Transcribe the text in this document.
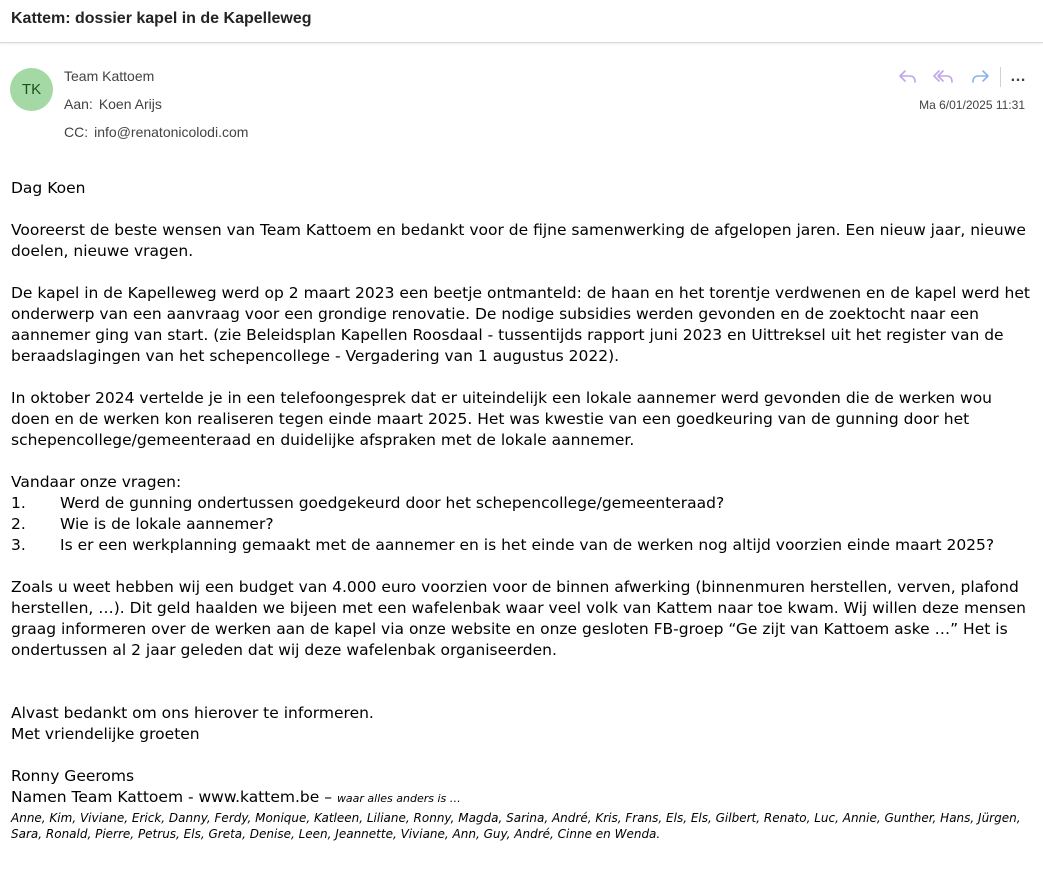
Kattem: dossier kapel in de Kapelleweg
TK
Team Kattoem
Aan: Koen Arijs
CC: info@renatonicolodi.com
…
Ma 6/01/2025 11:31

Dag Koen

Vooreerst de beste wensen van Team Kattoem en bedankt voor de fijne samenwerking de afgelopen jaren. Een nieuw jaar, nieuwe doelen, nieuwe vragen.

De kapel in de Kapelleweg werd op 2 maart 2023 een beetje ontmanteld: de haan en het torentje verdwenen en de kapel werd het onderwerp van een aanvraag voor een grondige renovatie. De nodige subsidies werden gevonden en de zoektocht naar een aannemer ging van start. (zie Beleidsplan Kapellen Roosdaal - tussentijds rapport juni 2023 en Uittreksel uit het register van de beraadslagingen van het schepencollege - Vergadering van 1 augustus 2022).

In oktober 2024 vertelde je in een telefoongesprek dat er uiteindelijk een lokale aannemer werd gevonden die de werken wou doen en de werken kon realiseren tegen einde maart 2025. Het was kwestie van een goedkeuring van de gunning door het schepencollege/gemeenteraad en duidelijke afspraken met de lokale aannemer.

Vandaar onze vragen:
1. Werd de gunning ondertussen goedgekeurd door het schepencollege/gemeenteraad?
2. Wie is de lokale aannemer?
3. Is er een werkplanning gemaakt met de aannemer en is het einde van de werken nog altijd voorzien einde maart 2025?

Zoals u weet hebben wij een budget van 4.000 euro voorzien voor de binnen afwerking (binnenmuren herstellen, verven, plafond herstellen, …). Dit geld haalden we bijeen met een wafelenbak waar veel volk van Kattem naar toe kwam. Wij willen deze mensen graag informeren over de werken aan de kapel via onze website en onze gesloten FB-groep “Ge zijt van Kattoem aske …” Het is ondertussen al 2 jaar geleden dat wij deze wafelenbak organiseerden.

Alvast bedankt om ons hierover te informeren.

Met vriendelijke groeten

Ronny Geeroms

Namen Team Kattoem - www.kattem.be – waar alles anders is …

Anne, Kim, Viviane, Erick, Danny, Ferdy, Monique, Katleen, Liliane, Ronny, Magda, Sarina, André, Kris, Frans, Els, Els, Gilbert, Renato, Luc, Annie, Gunther, Hans, Jürgen, Sara, Ronald, Pierre, Petrus, Els, Greta, Denise, Leen, Jeannette, Viviane, Ann, Guy, André, Cinne en Wenda.
